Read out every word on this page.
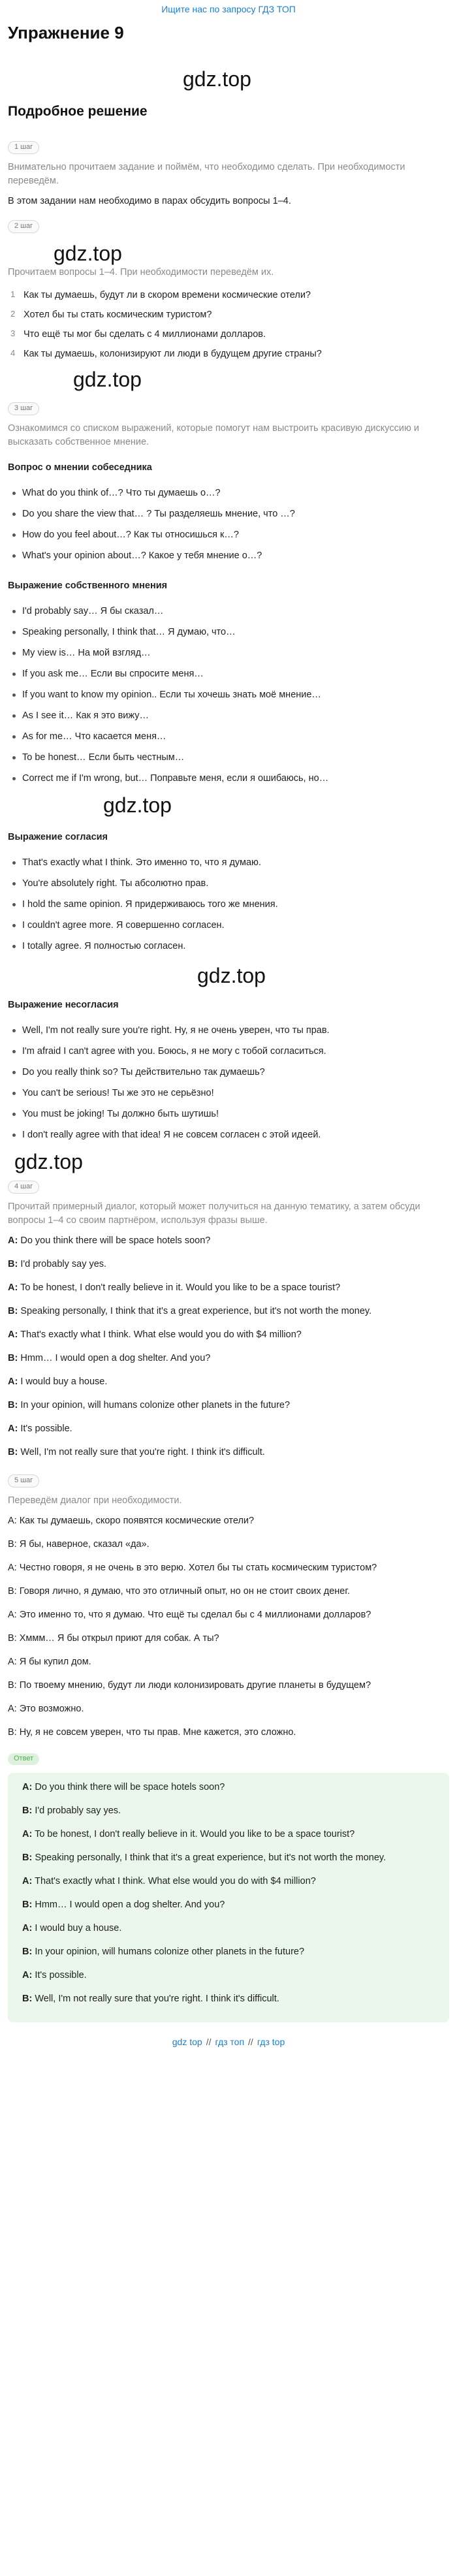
Ищите нас по запросу ГДЗ ТОП
Упражнение 9
gdz.top
Подробное решение
1 шаг

Внимательно прочитаем задание и поймём, что необходимо сделать. При необходимости переведём.

В этом задании нам необходимо в парах обсудить вопросы 1–4.

2 шаг
gdz.top

Прочитаем вопросы 1–4. При необходимости переведём их.

1 Как ты думаешь, будут ли в скором времени космические отели?
2 Хотел бы ты стать космическим туристом?
3 Что ещё ты мог бы сделать с 4 миллионами долларов.
4 Как ты думаешь, колонизируют ли люди в будущем другие страны?
gdz.top
3 шаг

Ознакомимся со списком выражений, которые помогут нам выстроить красивую дискуссию и высказать собственное мнение.

Вопрос о мнении собеседника

What do you think of…? Что ты думаешь о…?
Do you share the view that… ? Ты разделяешь мнение, что …?
How do you feel about…? Как ты относишься к…?
What's your opinion about…? Какое у тебя мнение о…?

Выражение собственного мнения

I'd probably say… Я бы сказал…
Speaking personally, I think that… Я думаю, что…
My view is… На мой взгляд…
If you ask me… Если вы спросите меня…
If you want to know my opinion.. Если ты хочешь знать моё мнение…
As I see it… Как я это вижу…
As for me… Что касается меня…
To be honest… Если быть честным…
Correct me if I'm wrong, but… Поправьте меня, если я ошибаюсь, но…
gdz.top

Выражение согласия

That's exactly what I think. Это именно то, что я думаю.
You're absolutely right. Ты абсолютно прав.
I hold the same opinion. Я придерживаюсь того же мнения.
I couldn't agree more. Я совершенно согласен.
I totally agree. Я полностью согласен.
gdz.top

Выражение несогласия

Well, I'm not really sure you're right. Ну, я не очень уверен, что ты прав.
I'm afraid I can't agree with you. Боюсь, я не могу с тобой согласиться.
Do you really think so? Ты действительно так думаешь?
You can't be serious! Ты же это не серьёзно!
You must be joking! Ты должно быть шутишь!
I don't really agree with that idea! Я не совсем согласен с этой идеей.
gdz.top
4 шаг

Прочитай примерный диалог, который может получиться на данную тематику, а затем обсуди вопросы 1–4 со своим партнёром, используя фразы выше.

A: Do you think there will be space hotels soon?

B: I'd probably say yes.

A: To be honest, I don't really believe in it. Would you like to be a space tourist?

B: Speaking personally, I think that it's a great experience, but it's not worth the money.

A: That's exactly what I think. What else would you do with $4 million?

B: Hmm… I would open a dog shelter. And you?

A: I would buy a house.

B: In your opinion, will humans colonize other planets in the future?

A: It's possible.

B: Well, I'm not really sure that you're right. I think it's difficult.

5 шаг

Переведём диалог при необходимости.

А: Как ты думаешь, скоро появятся космические отели?

В: Я бы, наверное, сказал «да».

А: Честно говоря, я не очень в это верю. Хотел бы ты стать космическим туристом?

В: Говоря лично, я думаю, что это отличный опыт, но он не стоит своих денег.

А: Это именно то, что я думаю. Что ещё ты сделал бы с 4 миллионами долларов?

В: Хммм… Я бы открыл приют для собак. А ты?

А: Я бы купил дом.

В: По твоему мнению, будут ли люди колонизировать другие планеты в будущем?

А: Это возможно.

В: Ну, я не совсем уверен, что ты прав. Мне кажется, это сложно.

Ответ

A: Do you think there will be space hotels soon?

B: I'd probably say yes.

A: To be honest, I don't really believe in it. Would you like to be a space tourist?

B: Speaking personally, I think that it's a great experience, but it's not worth the money.

A: That's exactly what I think. What else would you do with $4 million?

B: Hmm… I would open a dog shelter. And you?

A: I would buy a house.

B: In your opinion, will humans colonize other planets in the future?

A: It's possible.

B: Well, I'm not really sure that you're right. I think it's difficult.

gdz top // гдз топ // гдз top
